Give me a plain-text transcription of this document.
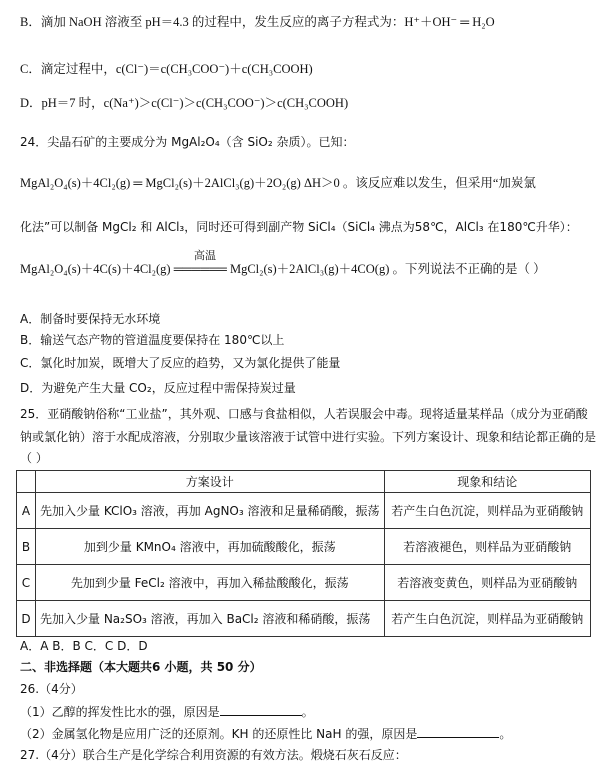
B．滴加 NaOH 溶液至 pH＝4.3 的过程中，发生反应的离子方程式为：H⁺＋OH⁻ ═ H₂O
C．滴定过程中，c(Cl⁻)＝c(CH₃COO⁻)＋c(CH₃COOH)
D．pH＝7 时，c(Na⁺)＞c(Cl⁻)＞c(CH₃COO⁻)＞c(CH₃COOH)
24．尖晶石矿的主要成分为 MgAl₂O₄（含 SiO₂ 杂质）。已知：
MgAl₂O₄(s)＋4Cl₂(g) ═ MgCl₂(s)＋2AlCl₃(g)＋2O₂(g) ΔH＞0 。该反应难以发生，但采用“加炭氯
化法”可以制备 MgCl₂ 和 AlCl₃，同时还可得到副产物 SiCl₄（SiCl₄ 沸点为58℃，AlCl₃ 在180℃升华）：
高温
MgAl₂O₄(s)＋4C(s)＋4Cl₂(g) ══════ MgCl₂(s)＋2AlCl₃(g)＋4CO(g) 。下列说法不正确的是（ ）
A．制备时要保持无水环境
B．输送气态产物的管道温度要保持在 180℃以上
C．氯化时加炭，既增大了反应的趋势，又为氯化提供了能量
D．为避免产生大量 CO₂，反应过程中需保持炭过量
25．亚硝酸钠俗称“工业盐”，其外观、口感与食盐相似，人若误服会中毒。现将适量某样品（成分为亚硝酸
钠或氯化钠）溶于水配成溶液，分别取少量该溶液于试管中进行实验。下列方案设计、现象和结论都正确的是
（ ）
	方案设计	现象和结论
A	先加入少量 KClO₃ 溶液，再加 AgNO₃ 溶液和足量稀硝酸，振荡	若产生白色沉淀，则样品为亚硝酸钠
B	加到少量 KMnO₄ 溶液中，再加硫酸酸化，振荡	若溶液褪色，则样品为亚硝酸钠
C	先加到少量 FeCl₂ 溶液中，再加入稀盐酸酸化，振荡	若溶液变黄色，则样品为亚硝酸钠
D	先加入少量 Na₂SO₃ 溶液，再加入 BaCl₂ 溶液和稀硝酸，振荡	若产生白色沉淀，则样品为亚硝酸钠
A．A B．B C．C D．D
二、非选择题（本大题共6 小题，共 50 分）
26.（4分）
（1）乙醇的挥发性比水的强，原因是	。
（2）金属氢化物是应用广泛的还原剂。KH 的还原性比 NaH 的强，原因是	。
27.（4分）联合生产是化学综合利用资源的有效方法。煅烧石灰石反应：
